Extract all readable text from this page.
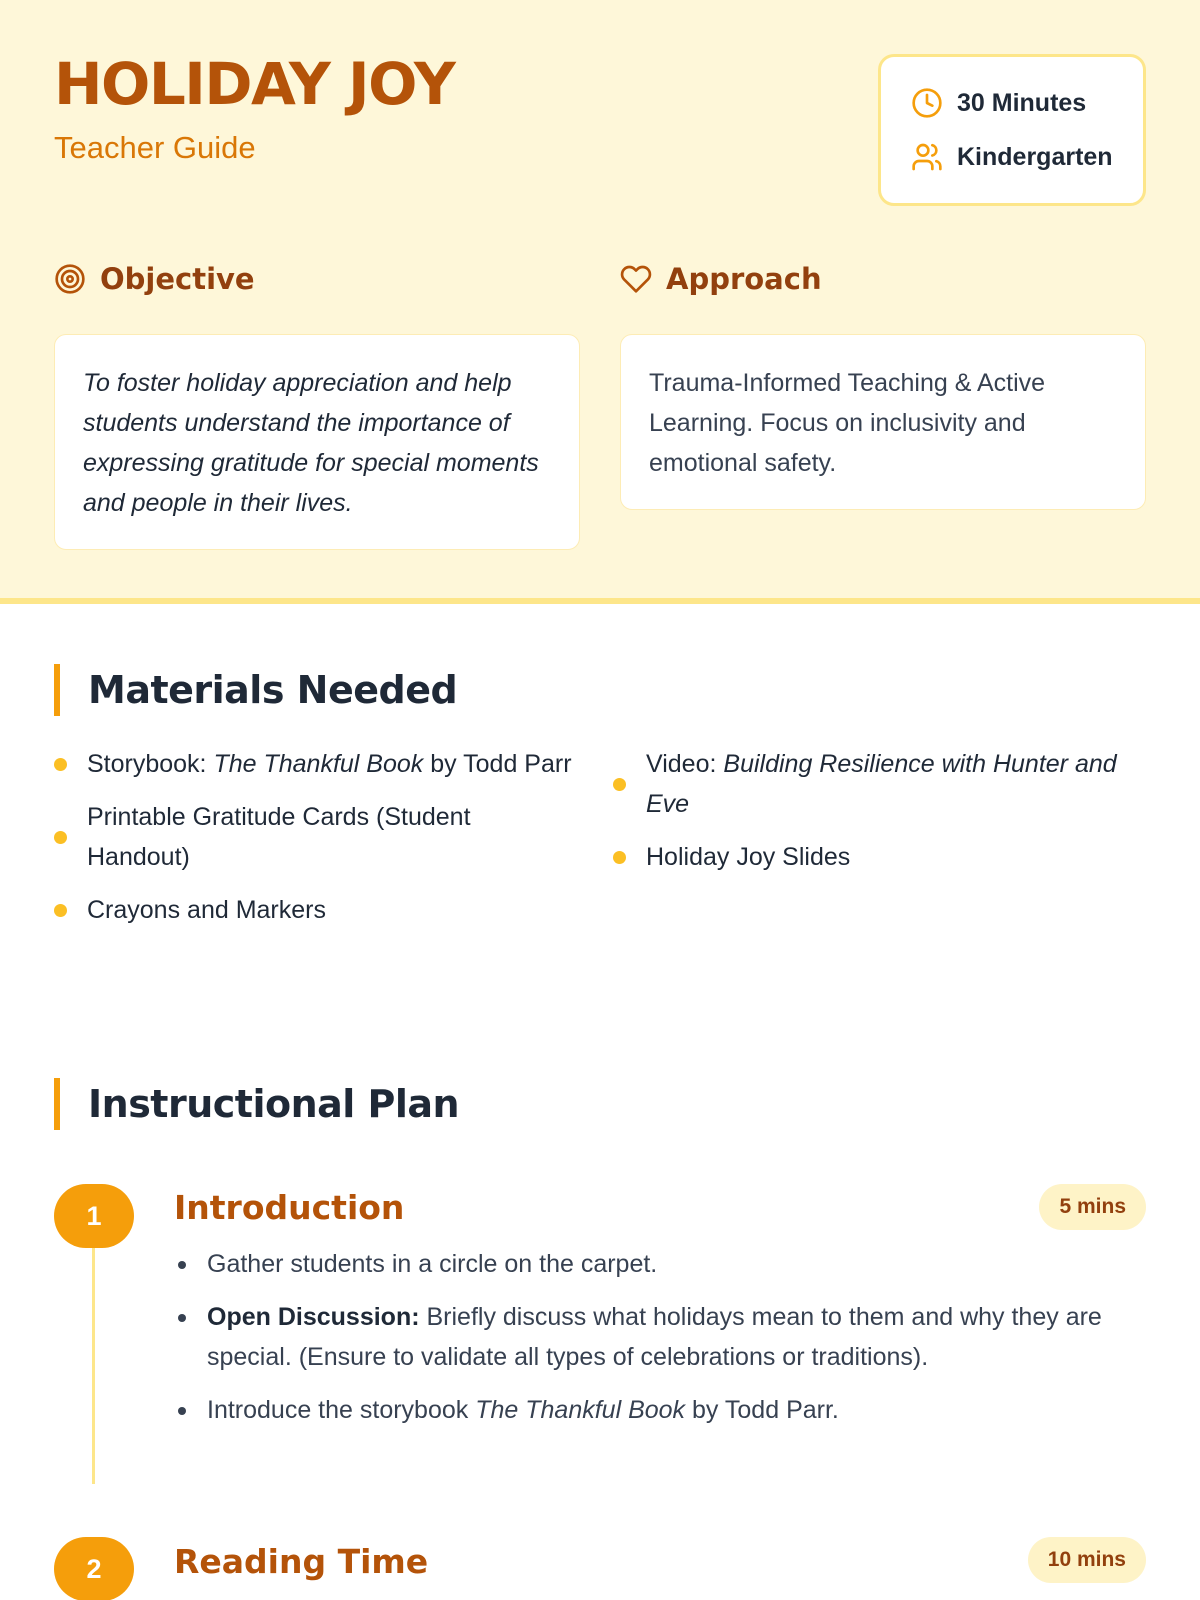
HOLIDAY JOY
Teacher Guide
30 Minutes
Kindergarten
Objective	Approach
To foster holiday appreciation and help students understand the importance of expressing gratitude for special moments and people in their lives.
Trauma-Informed Teaching & Active Learning. Focus on inclusivity and emotional safety.
Materials Needed
Storybook: The Thankful Book by Todd Parr
Printable Gratitude Cards (Student Handout)
Crayons and Markers
Video: Building Resilience with Hunter and Eve
Holiday Joy Slides
Instructional Plan
1	Introduction	5 mins
Gather students in a circle on the carpet.
Open Discussion: Briefly discuss what holidays mean to them and why they are special. (Ensure to validate all types of celebrations or traditions).
Introduce the storybook The Thankful Book by Todd Parr.
2	Reading Time	10 mins
